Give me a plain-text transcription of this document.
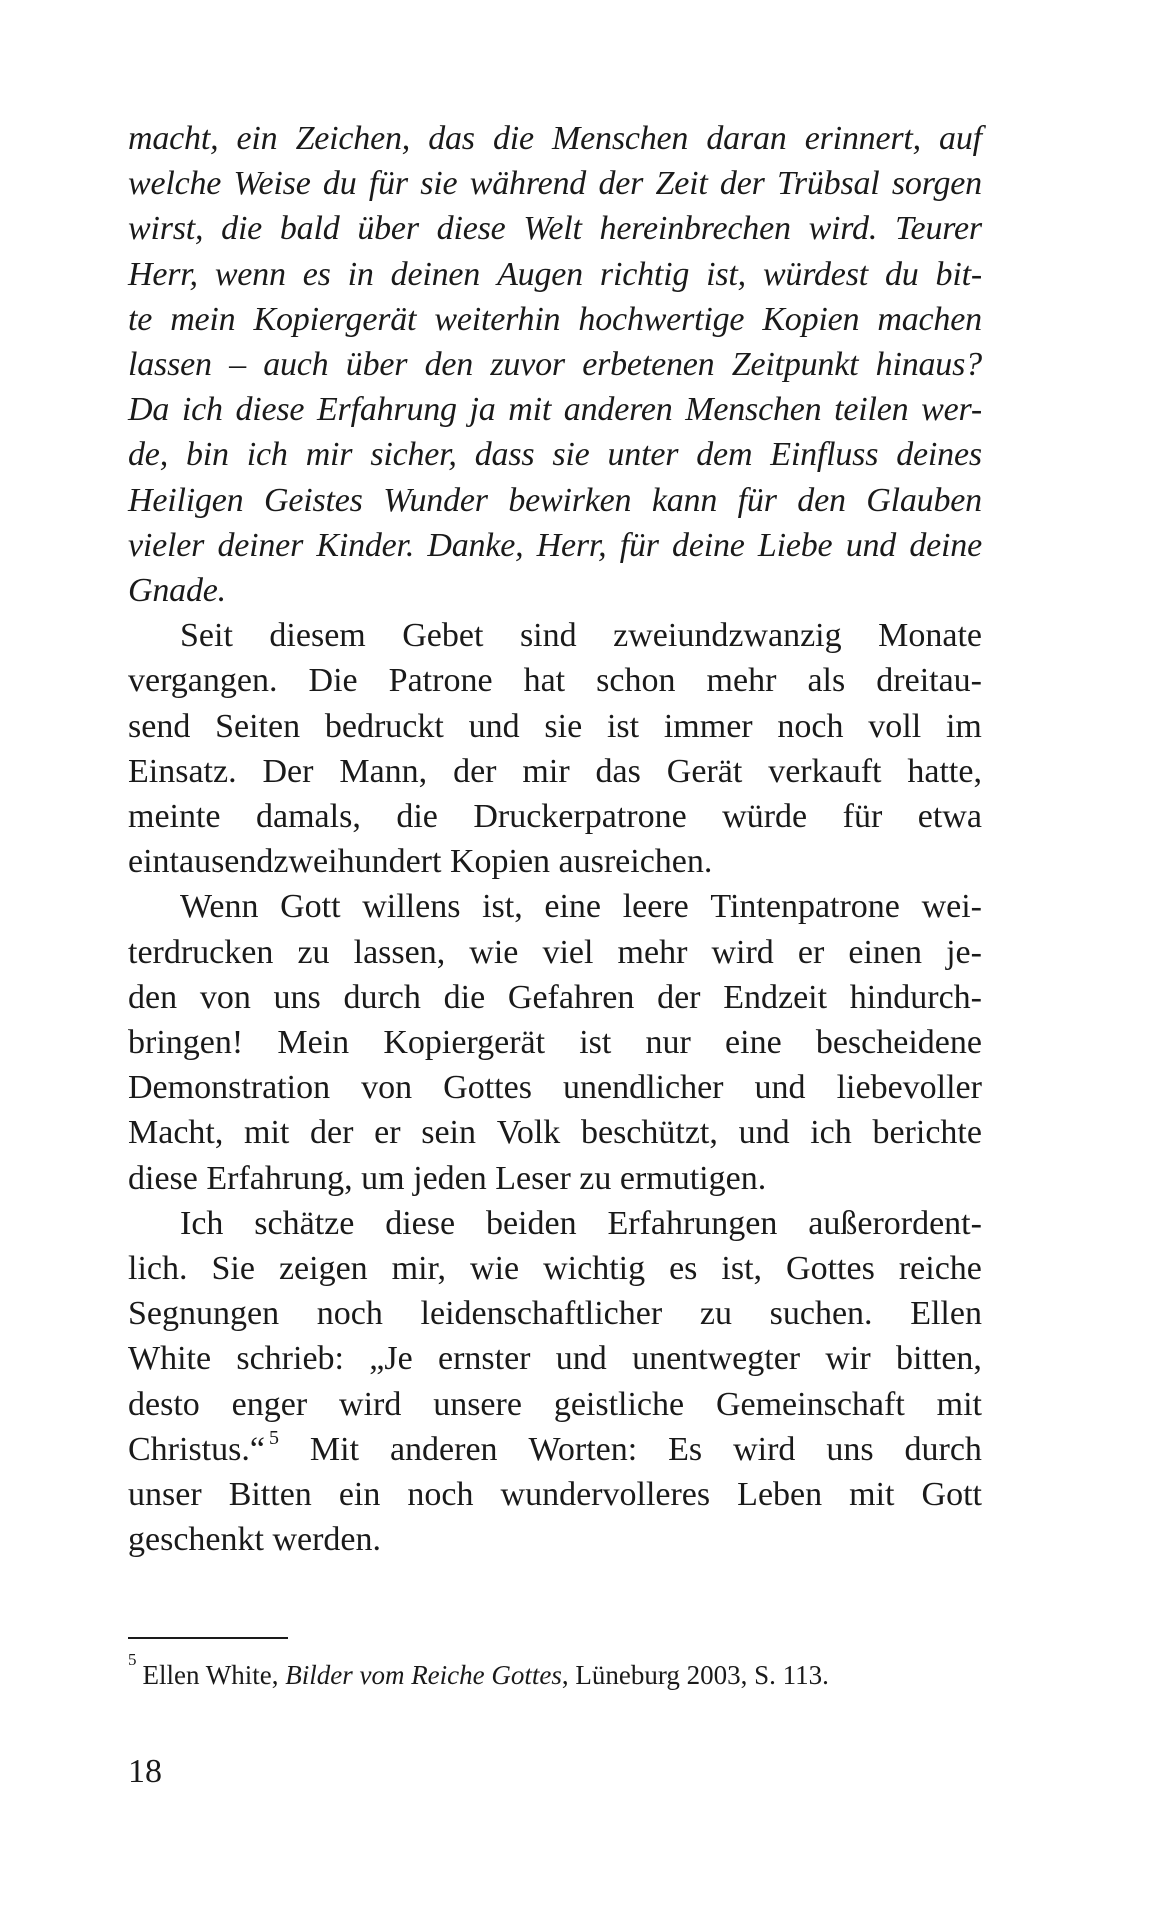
macht, ein Zeichen, das die Menschen daran erinnert, auf
welche Weise du für sie während der Zeit der Trübsal sorgen
wirst, die bald über diese Welt hereinbrechen wird. Teurer
Herr, wenn es in deinen Augen richtig ist, würdest du bit-
te mein Kopiergerät weiterhin hochwertige Kopien machen
lassen – auch über den zuvor erbetenen Zeitpunkt hinaus?
Da ich diese Erfahrung ja mit anderen Menschen teilen wer-
de, bin ich mir sicher, dass sie unter dem Einfluss deines
Heiligen Geistes Wunder bewirken kann für den Glauben
vieler deiner Kinder. Danke, Herr, für deine Liebe und deine
Gnade.
Seit diesem Gebet sind zweiundzwanzig Monate
vergangen. Die Patrone hat schon mehr als dreitau-
send Seiten bedruckt und sie ist immer noch voll im
Einsatz. Der Mann, der mir das Gerät verkauft hatte,
meinte damals, die Druckerpatrone würde für etwa
eintausendzweihundert Kopien ausreichen.
Wenn Gott willens ist, eine leere Tintenpatrone wei-
terdrucken zu lassen, wie viel mehr wird er einen je-
den von uns durch die Gefahren der Endzeit hindurch-
bringen! Mein Kopiergerät ist nur eine bescheidene
Demonstration von Gottes unendlicher und liebevoller
Macht, mit der er sein Volk beschützt, und ich berichte
diese Erfahrung, um jeden Leser zu ermutigen.
Ich schätze diese beiden Erfahrungen außerordent-
lich. Sie zeigen mir, wie wichtig es ist, Gottes reiche
Segnungen noch leidenschaftlicher zu suchen. Ellen
White schrieb: „Je ernster und unentwegter wir bitten,
desto enger wird unsere geistliche Gemeinschaft mit
Christus.“ $^5$ Mit anderen Worten: Es wird uns durch
unser Bitten ein noch wundervolleres Leben mit Gott
geschenkt werden.
$^5$Ellen White, Bilder vom Reiche Gottes, Lüneburg 2003, S. 113.
18
